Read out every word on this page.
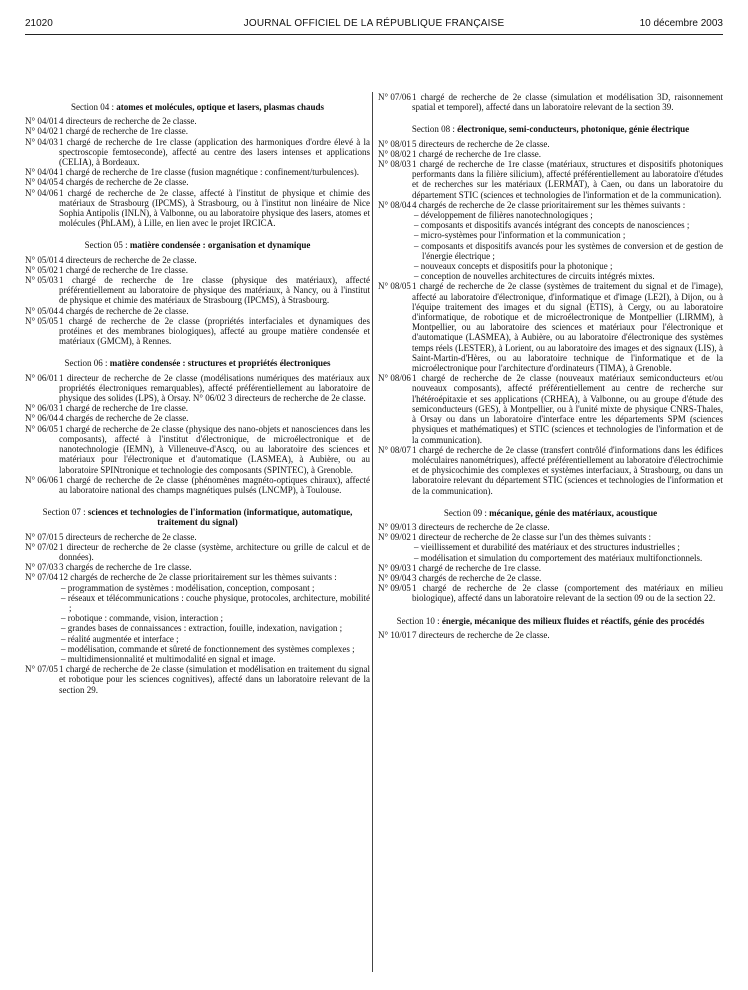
21020	JOURNAL OFFICIEL DE LA RÉPUBLIQUE FRANÇAISE	10 décembre 2003
Section 04 : atomes et molécules, optique et lasers, plasmas chauds
N° 04/01 4 directeurs de recherche de 2e classe.
N° 04/02 1 chargé de recherche de 1re classe.
N° 04/03 1 chargé de recherche de 1re classe (application des harmoniques d'ordre élevé à la spectroscopie femtoseconde), affecté au centre des lasers intenses et applications (CELIA), à Bordeaux.
N° 04/04 1 chargé de recherche de 1re classe (fusion magnétique : confinement/turbulences).
N° 04/05 4 chargés de recherche de 2e classe.
N° 04/06 1 chargé de recherche de 2e classe, affecté à l'institut de physique et chimie des matériaux de Strasbourg (IPCMS), à Strasbourg, ou à l'institut non linéaire de Nice Sophia Antipolis (INLN), à Valbonne, ou au laboratoire physique des lasers, atomes et molécules (PhLAM), à Lille, en lien avec le projet IRCICA.
Section 05 : matière condensée : organisation et dynamique
N° 05/01 4 directeurs de recherche de 2e classe.
N° 05/02 1 chargé de recherche de 1re classe.
N° 05/03 1 chargé de recherche de 1re classe (physique des matériaux), affecté préférentiellement au laboratoire de physique des matériaux, à Nancy, ou à l'institut de physique et chimie des matériaux de Strasbourg (IPCMS), à Strasbourg.
N° 05/04 4 chargés de recherche de 2e classe.
N° 05/05 1 chargé de recherche de 2e classe (propriétés interfaciales et dynamiques des protéines et des membranes biologiques), affecté au groupe matière condensée et matériaux (GMCM), à Rennes.
Section 06 : matière condensée : structures et propriétés électroniques
N° 06/01 1 directeur de recherche de 2e classe (modélisations numériques des matériaux aux propriétés électroniques remarquables), affecté préférentiellement au laboratoire de physique des solides (LPS), à Orsay. N° 06/02 3 directeurs de recherche de 2e classe.
N° 06/03 1 chargé de recherche de 1re classe.
N° 06/04 4 chargés de recherche de 2e classe.
N° 06/05 1 chargé de recherche de 2e classe (physique des nano-objets et nanosciences dans les composants), affecté à l'institut d'électronique, de microélectronique et de nanotechnologie (IEMN), à Villeneuve-d'Ascq, ou au laboratoire des sciences et matériaux pour l'électronique et d'automatique (LASMEA), à Aubière, ou au laboratoire SPINtronique et technologie des composants (SPINTEC), à Grenoble.
N° 06/06 1 chargé de recherche de 2e classe (phénomènes magnéto-optiques chiraux), affecté au laboratoire national des champs magnétiques pulsés (LNCMP), à Toulouse.
Section 07 : sciences et technologies de l'information (informatique, automatique, traitement du signal)
N° 07/01 5 directeurs de recherche de 2e classe.
N° 07/02 1 directeur de recherche de 2e classe (système, architecture ou grille de calcul et de données).
N° 07/03 3 chargés de recherche de 1re classe.
N° 07/04 12 chargés de recherche de 2e classe prioritairement sur les thèmes suivants :
– programmation de systèmes : modélisation, conception, composant ;
– réseaux et télécommunications : couche physique, protocoles, architecture, mobilité ;
– robotique : commande, vision, interaction ;
– grandes bases de connaissances : extraction, fouille, indexation, navigation ;
– réalité augmentée et interface ;
– modélisation, commande et sûreté de fonctionnement des systèmes complexes ;
– multidimensionnalité et multimodalité en signal et image.
N° 07/05 1 chargé de recherche de 2e classe (simulation et modélisation en traitement du signal et robotique pour les sciences cognitives), affecté dans un laboratoire relevant de la section 29.
N° 07/06 1 chargé de recherche de 2e classe (simulation et modélisation 3D, raisonnement spatial et temporel), affecté dans un laboratoire relevant de la section 39.
Section 08 : électronique, semi-conducteurs, photonique, génie électrique
N° 08/01 5 directeurs de recherche de 2e classe.
N° 08/02 1 chargé de recherche de 1re classe.
N° 08/03 1 chargé de recherche de 1re classe (matériaux, structures et dispositifs photoniques performants dans la filière silicium), affecté préférentiellement au laboratoire d'études et de recherches sur les matériaux (LERMAT), à Caen, ou dans un laboratoire du département STIC (sciences et technologies de l'information et de la communication).
N° 08/04 4 chargés de recherche de 2e classe prioritairement sur les thèmes suivants :
– développement de filières nanotechnologiques ;
– composants et dispositifs avancés intégrant des concepts de nanosciences ;
– micro-systèmes pour l'information et la communication ;
– composants et dispositifs avancés pour les systèmes de conversion et de gestion de l'énergie électrique ;
– nouveaux concepts et dispositifs pour la photonique ;
– conception de nouvelles architectures de circuits intégrés mixtes.
N° 08/05 1 chargé de recherche de 2e classe (systèmes de traitement du signal et de l'image), affecté au laboratoire d'électronique, d'informatique et d'image (LE2I), à Dijon, ou à l'équipe traitement des images et du signal (ETIS), à Cergy, ou au laboratoire d'informatique, de robotique et de microélectronique de Montpellier (LIRMM), à Montpellier, ou au laboratoire des sciences et matériaux pour l'électronique et d'automatique (LASMEA), à Aubière, ou au laboratoire d'électronique des systèmes temps réels (LESTER), à Lorient, ou au laboratoire des images et des signaux (LIS), à Saint-Martin-d'Hères, ou au laboratoire technique de l'informatique et de la microélectronique pour l'architecture d'ordinateurs (TIMA), à Grenoble.
N° 08/06 1 chargé de recherche de 2e classe (nouveaux matériaux semiconducteurs et/ou nouveaux composants), affecté préférentiellement au centre de recherche sur l'hétéroépitaxie et ses applications (CRHEA), à Valbonne, ou au groupe d'étude des semiconducteurs (GES), à Montpellier, ou à l'unité mixte de physique CNRS-Thales, à Orsay ou dans un laboratoire d'interface entre les départements SPM (sciences physiques et mathématiques) et STIC (sciences et technologies de l'information et de la communication).
N° 08/07 1 chargé de recherche de 2e classe (transfert contrôlé d'informations dans les édifices moléculaires nanométriques), affecté préférentiellement au laboratoire d'électrochimie et de physicochimie des complexes et systèmes interfaciaux, à Strasbourg, ou dans un laboratoire relevant du département STIC (sciences et technologies de l'information et de la communication).
Section 09 : mécanique, génie des matériaux, acoustique
N° 09/01 3 directeurs de recherche de 2e classe.
N° 09/02 1 directeur de recherche de 2e classe sur l'un des thèmes suivants :
– vieillissement et durabilité des matériaux et des structures industrielles ;
– modélisation et simulation du comportement des matériaux multifonctionnels.
N° 09/03 1 chargé de recherche de 1re classe.
N° 09/04 3 chargés de recherche de 2e classe.
N° 09/05 1 chargé de recherche de 2e classe (comportement des matériaux en milieu biologique), affecté dans un laboratoire relevant de la section 09 ou de la section 22.
Section 10 : énergie, mécanique des milieux fluides et réactifs, génie des procédés
N° 10/01 7 directeurs de recherche de 2e classe.
